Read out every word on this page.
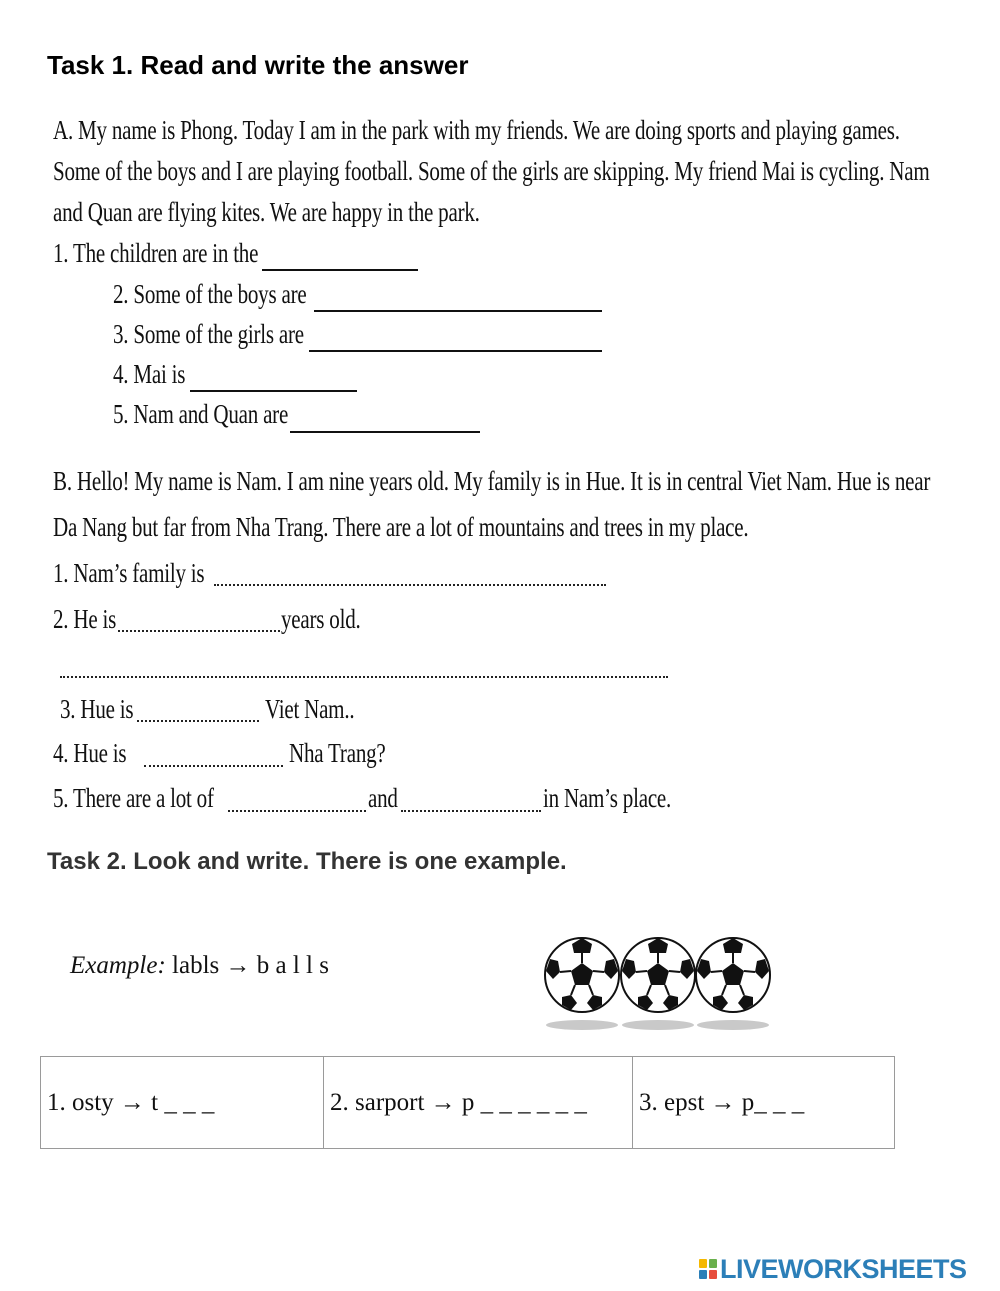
Task 1. Read and write the answer
A. My name is Phong. Today I am in the park with my friends. We are doing sports and playing games.
Some of the boys and I are playing football. Some of the girls are skipping. My friend Mai is cycling. Nam
and Quan are flying kites. We are happy in the park.
1. The children are in the
2. Some of the boys are
3. Some of the girls are
4. Mai is
5. Nam and Quan are
B. Hello! My name is Nam. I am nine years old. My family is in Hue. It is in central Viet Nam. Hue is near
Da Nang but far from Nha Trang. There are a lot of mountains and trees in my place.
1. Nam’s family is
2. He is	years old.
3. Hue is	Viet Nam..
4. Hue is	Nha Trang?
5. There are a lot of	and	in Nam’s place.
Task 2. Look and write. There is one example.
Example: labls → b a l l s
1. osty → t _ _ _	2. sarport → p _ _ _ _ _ _	3. epst → p_ _ _
LIVEWORKSHEETS
